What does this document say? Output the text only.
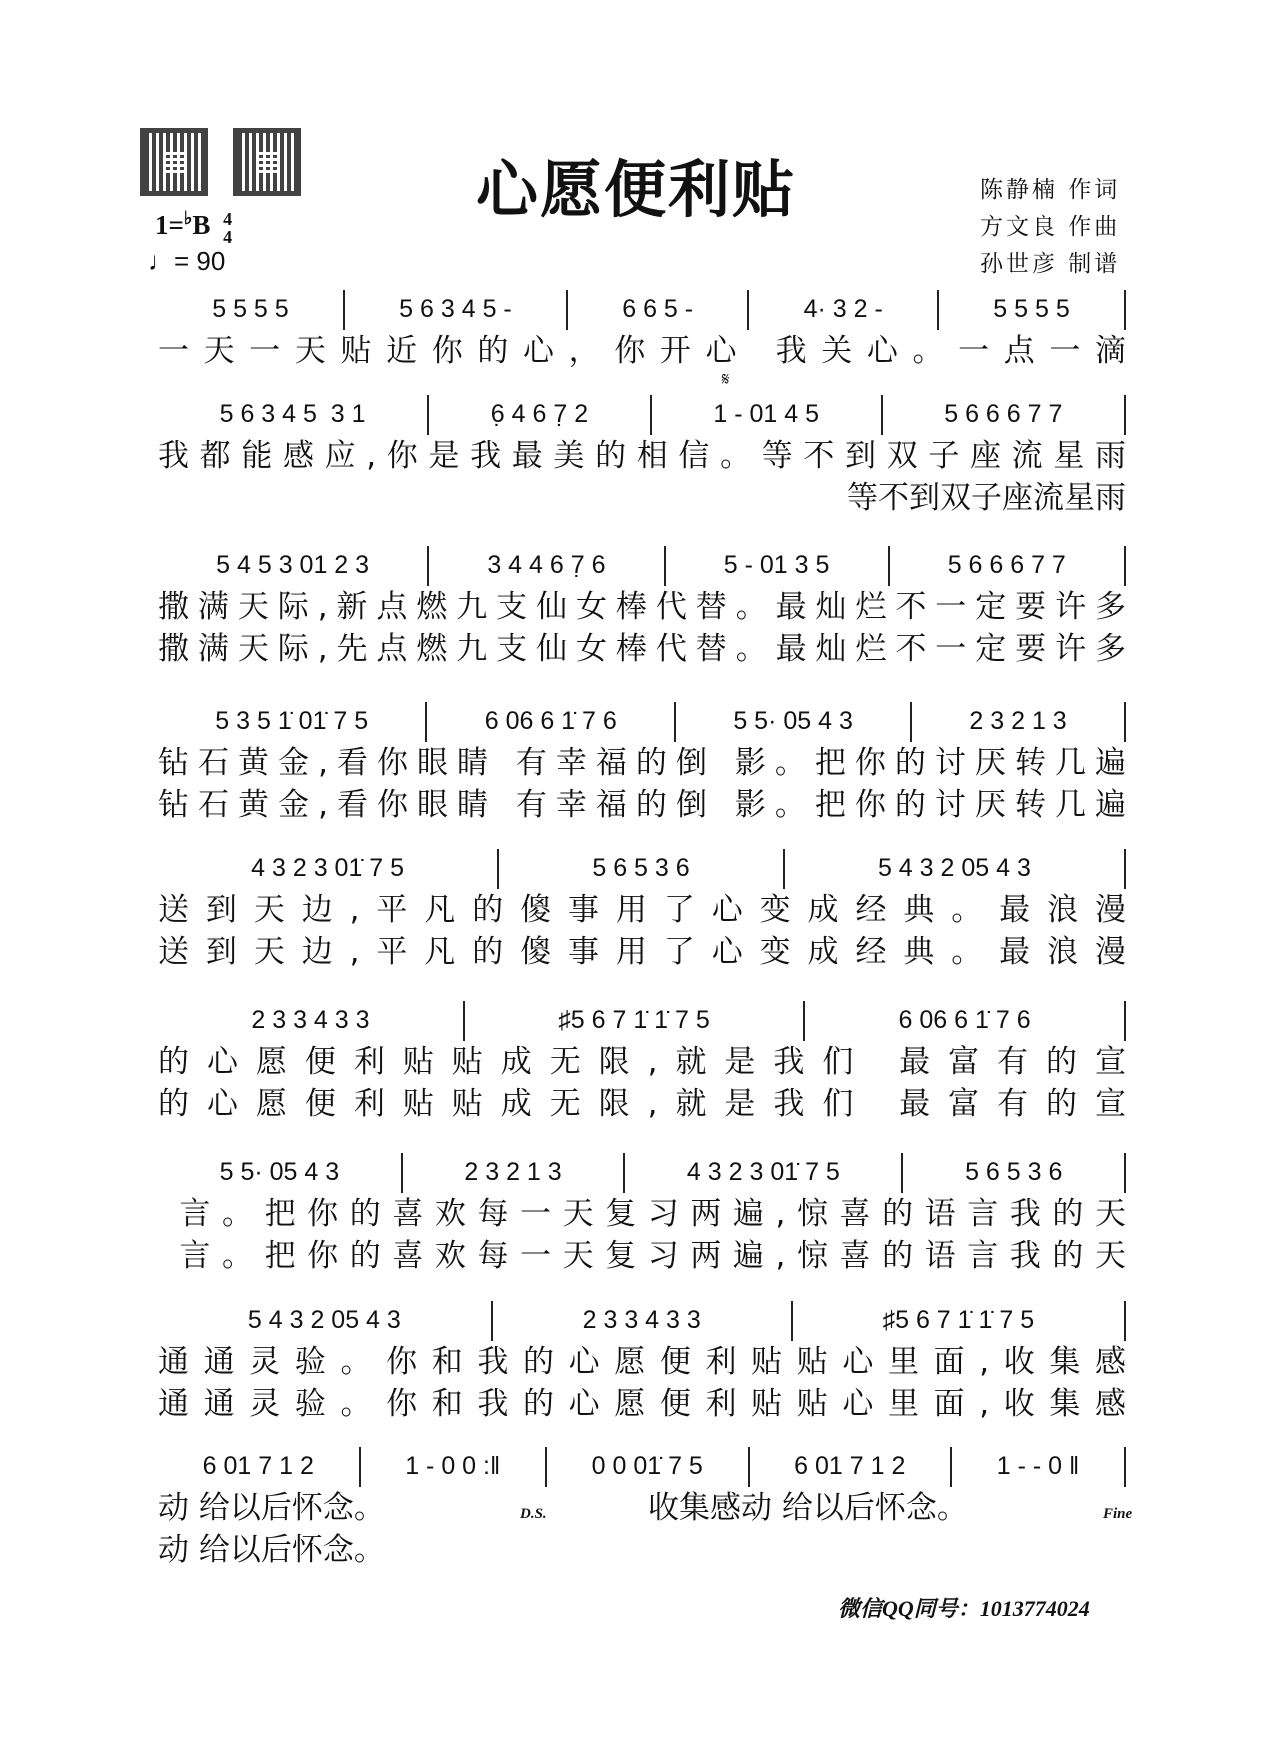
心愿便利贴
1=♭B 4
4
♩= 90
陈静楠 作词
方文良 作曲
孙世彦 制谱
5 5 5 5	5 6 3 4 5 -	6 6 5 -	4· 3 2 -	5 5 5 5
一天一天贴近你的心，你开心 我关心。一点一滴
5 6 3 4 5  3 1	6̣ 4 6 7̣ 2	1 - 01 4 5
𝄋
5 6 6 6 7 7
我都能感应,你是我最美的相信。等不到双子座流星雨
等不到双子座流星雨
5 4 5 3 01 2 3	3 4 4 6 7̣ 6	5 - 01 3 5	5 6 6 6 7 7
撒满天际,新点燃九支仙女棒代替。最灿烂不一定要许多
撒满天际,先点燃九支仙女棒代替。最灿烂不一定要许多
5 3 5 1̇ 01̇ 7 5	6 06 6 1̇ 7 6	5 5· 05 4 3	2 3 2 1 3
钻石黄金,看你眼睛 有幸福的倒 影。把你的讨厌转几遍
钻石黄金,看你眼睛 有幸福的倒 影。把你的讨厌转几遍
4 3 2 3 01̇ 7 5	5 6 5 3 6	5 4 3 2 05 4 3
送到天边,平凡的傻事用了心变成经典。最浪漫
送到天边,平凡的傻事用了心变成经典。最浪漫
2 3 3 4 3 3	♯5 6 7 1̇ 1̇ 7 5	6 06 6 1̇ 7 6
的心愿便利贴贴成无限,就是我们 最富有的宣
的心愿便利贴贴成无限,就是我们 最富有的宣
5 5· 05 4 3	2 3 2 1 3	4 3 2 3 01̇ 7 5	5 6 5 3 6
言。把你的喜欢每一天复习两遍,惊喜的语言我的天
言。把你的喜欢每一天复习两遍,惊喜的语言我的天
5 4 3 2 05 4 3	2 3 3 4 3 3	♯5 6 7 1̇ 1̇ 7 5
通通灵验。你和我的心愿便利贴贴心里面,收集感
通通灵验。你和我的心愿便利贴贴心里面,收集感
6 01 7 1 2	1 - 0 0 :‖	0 0 01̇ 7 5	6 01 7 1 2	1 - - 0 ‖
动 给以后怀念。	D.S.	收集感动 给以后怀念。	Fine
动 给以后怀念。
微信QQ同号：1013774024
